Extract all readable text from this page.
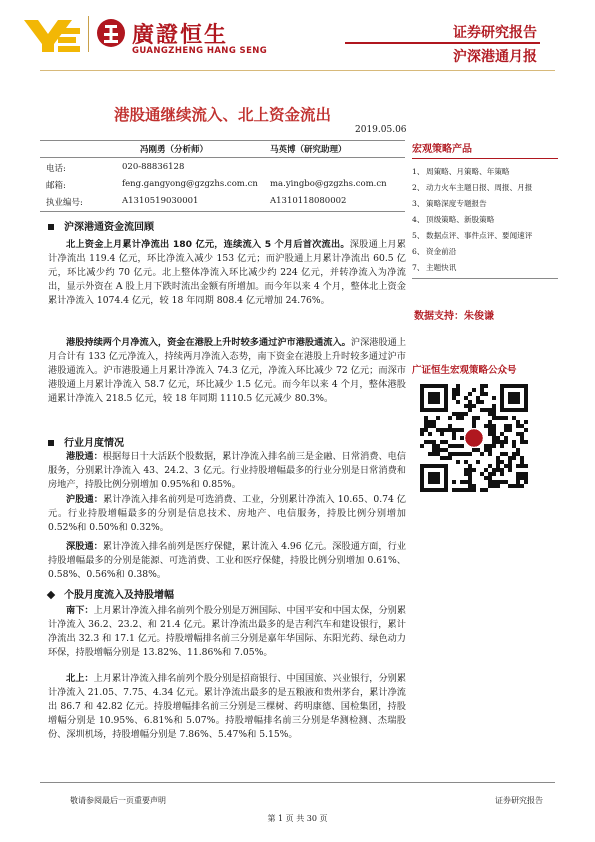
廣證恒生
GUANGZHENG HANG SENG
证券研究报告
沪深港通月报
港股通继续流入、北上资金流出
2019.05.06
冯刚勇（分析师）	马英博（研究助理）
电话:	020-88836128
邮箱:	feng.gangyong@gzgzhs.com.cn ma.yingbo@gzgzhs.com.cn
执业编号:	A1310519030001	A1310118080002
沪深港通资金流回顾
北上资金上月累计净流出 180 亿元，连续流入 5 个月后首次流出。深股通上月累计净流出 119.4 亿元，环比净流入减少 153 亿元；而沪股通上月累计净流出 60.5 亿元，环比减少约 70 亿元。北上整体净流入环比减少约 224 亿元，并转净流入为净流出，显示外资在 A 股上月下跌时流出金额有所增加。而今年以来 4 个月，整体北上资金累计净流入 1074.4 亿元，较 18 年同期 808.4 亿元增加 24.76%。
港股持续两个月净流入，资金在港股上升时较多通过沪市港股通流入。沪深港股通上月合计有 133 亿元净流入，持续两月净流入态势，南下资金在港股上升时较多通过沪市港股通流入。沪市港股通上月累计净流入 74.3 亿元，净流入环比减少 72 亿元；而深市港股通上月累计净流入 58.7 亿元，环比减少 1.5 亿元。而今年以来 4 个月，整体港股通累计净流入 218.5 亿元，较 18 年同期 1110.5 亿元减少 80.3%。
行业月度情况
港股通：根据每日十大活跃个股数据，累计净流入排名前三是金融、日常消费、电信服务，分别累计净流入 43、24.2、3 亿元。行业持股增幅最多的行业分别是日常消费和房地产，持股比例分别增加 0.95%和 0.85%。
沪股通：累计净流入排名前列是可选消费、工业，分别累计净流入 10.65、0.74 亿元。行业持股增幅最多的分别是信息技术、房地产、电信服务，持股比例分别增加 0.52%和 0.50%和 0.32%。
深股通：累计净流入排名前列是医疗保健，累计流入 4.96 亿元。深股通方面，行业持股增幅最多的分别是能源、可选消费、工业和医疗保健，持股比例分别增加 0.61%、0.58%、0.56%和 0.38%。
个股月度流入及持股增幅
南下：上月累计净流入排名前列个股分别是万洲国际、中国平安和中国太保，分别累计净流入 36.2、23.2、和 21.4 亿元。累计净流出最多的是吉利汽车和建设银行，累计净流出 32.3 和 17.1 亿元。持股增幅排名前三分别是嘉年华国际、东阳光药、绿色动力环保，持股增幅分别是 13.82%、11.86%和 7.05%。
北上：上月累计净流入排名前列个股分别是招商银行、中国国旅、兴业银行，分别累计净流入 21.05、7.75、4.34 亿元。累计净流出最多的是五粮液和贵州茅台，累计净流出 86.7 和 42.82 亿元。持股增幅排名前三分别是三棵树、药明康德、国检集团，持股增幅分别是 10.95%、6.81%和 5.07%。持股增幅排名前三分别是华测检测、杰瑞股份、深圳机场，持股增幅分别是 7.86%、5.47%和 5.15%。
宏观策略产品
1、 周策略、月策略、年策略
2、 动力火车主题日报、周报、月报
3、 策略深度专题报告
4、 顶级策略、新股策略
5、 数据点评、事件点评、要闻速评
6、 资金前沿
7、 主题快讯
数据支持：朱俊谦
广证恒生宏观策略公众号
敬请参阅最后一页重要声明	证券研究报告
第 1 页 共 30 页
